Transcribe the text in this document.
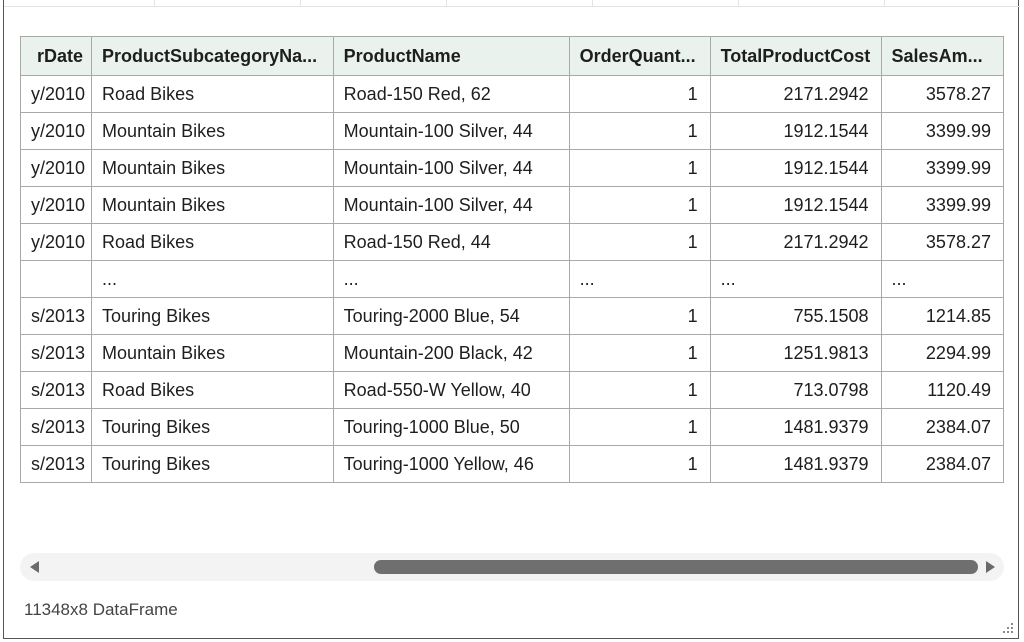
rDate	ProductSubcategoryNa...	ProductName	OrderQuant...	TotalProductCost	SalesAm...
y/2010	Road Bikes	Road-150 Red, 62	1	2171.2942	3578.27
y/2010	Mountain Bikes	Mountain-100 Silver, 44	1	1912.1544	3399.99
y/2010	Mountain Bikes	Mountain-100 Silver, 44	1	1912.1544	3399.99
y/2010	Mountain Bikes	Mountain-100 Silver, 44	1	1912.1544	3399.99
y/2010	Road Bikes	Road-150 Red, 44	1	2171.2942	3578.27
	...	...	...	...	...
s/2013	Touring Bikes	Touring-2000 Blue, 54	1	755.1508	1214.85
s/2013	Mountain Bikes	Mountain-200 Black, 42	1	1251.9813	2294.99
s/2013	Road Bikes	Road-550-W Yellow, 40	1	713.0798	1120.49
s/2013	Touring Bikes	Touring-1000 Blue, 50	1	1481.9379	2384.07
s/2013	Touring Bikes	Touring-1000 Yellow, 46	1	1481.9379	2384.07
11348x8 DataFrame
